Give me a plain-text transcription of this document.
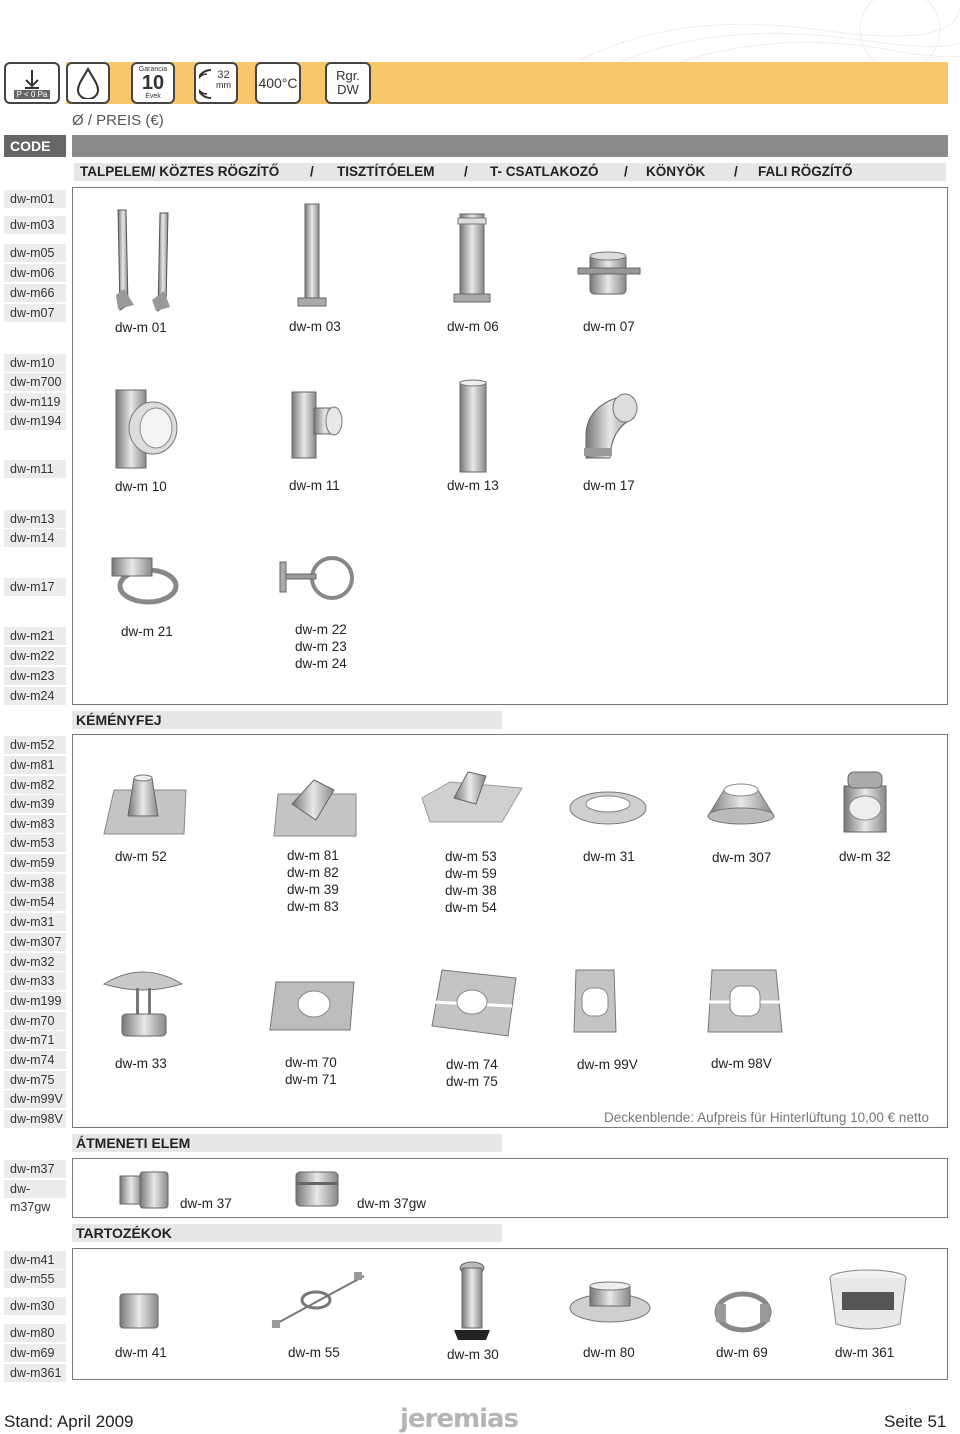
P < 0 Pa
Garancia
10
Évek
32
mm 400°C	Rgr.
DW
Ø / PREIS (€)
CODE
dw-m01
dw-m03
dw-m05
dw-m06
dw-m66
dw-m07
dw-m10
dw-m700
dw-m119
dw-m194
dw-m11
dw-m13
dw-m14
dw-m17
dw-m21
dw-m22
dw-m23
dw-m24
dw-m52
dw-m81
dw-m82
dw-m39
dw-m83
dw-m53
dw-m59
dw-m38
dw-m54
dw-m31
dw-m307
dw-m32
dw-m33
dw-m199
dw-m70
dw-m71
dw-m74
dw-m75
dw-m99V
dw-m98V
dw-m37
dw-m37gw
dw-m41
dw-m55
dw-m30
dw-m80
dw-m69
dw-m361
TALPELEM/ KÖZTES RÖGZÍTŐ / TISZTÍTÓELEM / T- CSATLAKOZÓ / KÖNYÖK / FALI RÖGZÍTŐ
dw-m 01	dw-m 03	dw-m 06	dw-m 07
dw-m 10	dw-m 11	dw-m 13	dw-m 17
dw-m 21	dw-m 22
dw-m 23
dw-m 24
KÉMÉNYFEJ
dw-m 52	dw-m 81
dw-m 82
dw-m 39
dw-m 83
dw-m 53
dw-m 59
dw-m 38
dw-m 54
dw-m 31	dw-m 307	dw-m 32
dw-m 33	dw-m 70
dw-m 71
dw-m 74
dw-m 75
dw-m 99V	dw-m 98V
Deckenblende: Aufpreis für Hinterlüftung 10,00 € netto
ÁTMENETI ELEM
dw-m 37	dw-m 37gw
TARTOZÉKOK
dw-m 41	dw-m 55	dw-m 30	dw-m 80	dw-m 69	dw-m 361
Stand: April 2009	jeremias	Seite 51
